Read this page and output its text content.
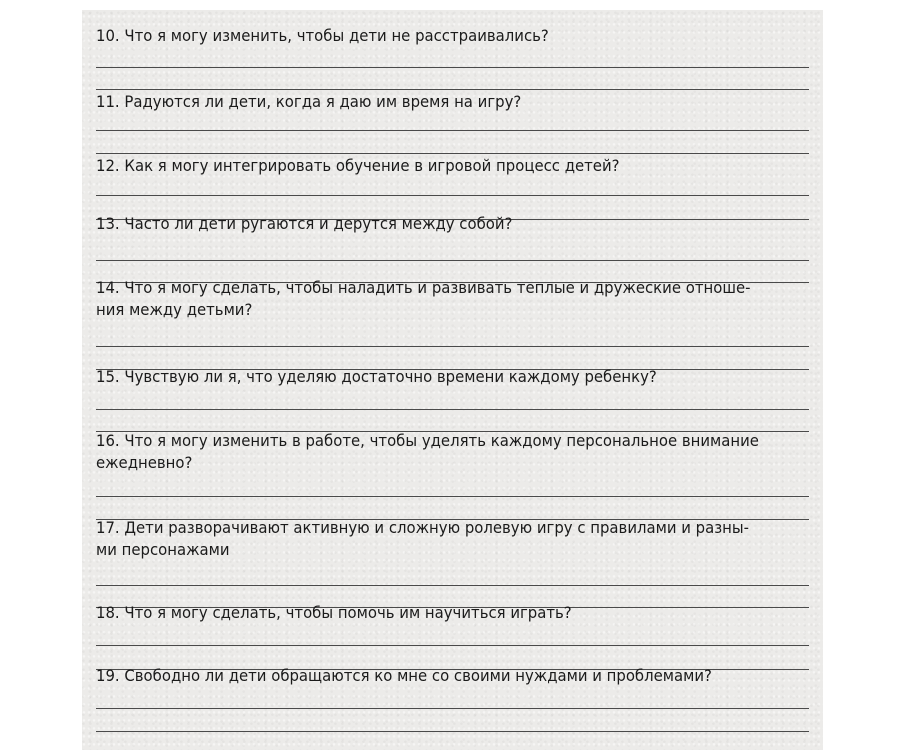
10. Что я могу изменить, чтобы дети не расстраивались?

11. Радуются ли дети, когда я даю им время на игру?

12. Как я могу интегрировать обучение в игровой процесс детей?

13. Часто ли дети ругаются и дерутся между собой?

14. Что я могу сделать, чтобы наладить и развивать теплые и дружеские отноше-
ния между детьми?

15. Чувствую ли я, что уделяю достаточно времени каждому ребенку?

16. Что я могу изменить в работе, чтобы уделять каждому персональное внимание
ежедневно?
17. Дети разворачивают активную и сложную ролевую игру с правилами и разны-
ми персонажами

18. Что я могу сделать, чтобы помочь им научиться играть?

19. Свободно ли дети обращаются ко мне со своими нуждами и проблемами?
